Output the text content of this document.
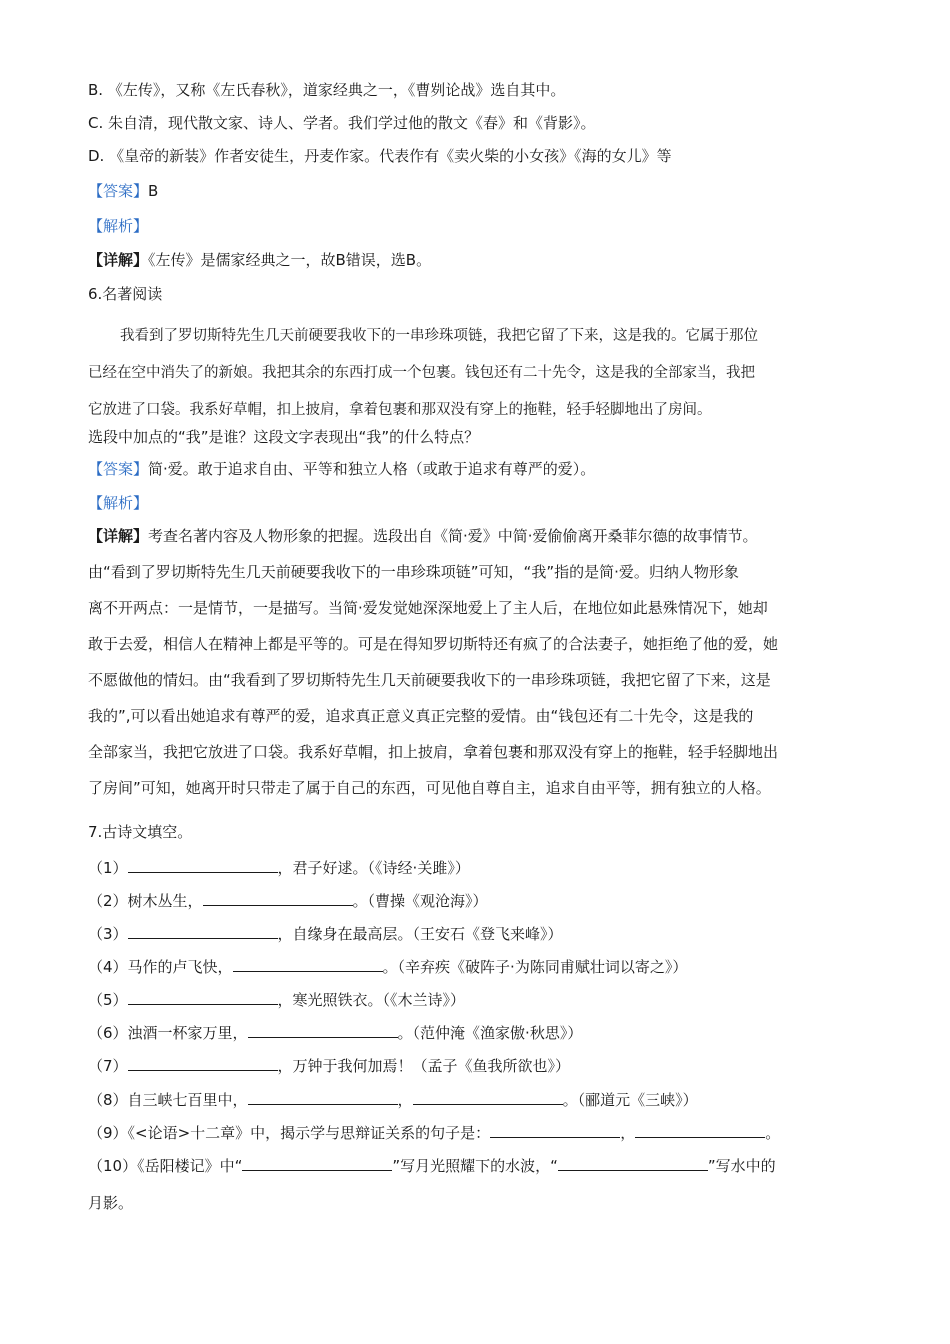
B. 《左传》，又称《左氏春秋》，道家经典之一，《曹刿论战》选自其中。
C. 朱自清，现代散文家、诗人、学者。我们学过他的散文《春》和《背影》。
D. 《皇帝的新装》作者安徒生，丹麦作家。代表作有《卖火柴的小女孩》《海的女儿》等
【答案】B
【解析】
【详解】《左传》是儒家经典之一，故B错误，选B。
6.名著阅读
我看到了罗切斯特先生几天前硬要我收下的一串珍珠项链，我把它留了下来，这是我的。它属于那位
已经在空中消失了的新娘。我把其余的东西打成一个包裹。钱包还有二十先令，这是我的全部家当，我把
它放进了口袋。我系好草帽，扣上披肩，拿着包裹和那双没有穿上的拖鞋，轻手轻脚地出了房间。
选段中加点的“我”是谁？这段文字表现出“我”的什么特点？
【答案】简·爱。敢于追求自由、平等和独立人格（或敢于追求有尊严的爱）。
【解析】
【详解】考查名著内容及人物形象的把握。选段出自《简·爱》中简·爱偷偷离开桑菲尔德的故事情节。
由“看到了罗切斯特先生几天前硬要我收下的一串珍珠项链”可知，“我”指的是简·爱。归纳人物形象
离不开两点：一是情节，一是描写。当简·爱发觉她深深地爱上了主人后，在地位如此悬殊情况下，她却
敢于去爱，相信人在精神上都是平等的。可是在得知罗切斯特还有疯了的合法妻子，她拒绝了他的爱，她
不愿做他的情妇。由“我看到了罗切斯特先生几天前硬要我收下的一串珍珠项链，我把它留了下来，这是
我的”,可以看出她追求有尊严的爱，追求真正意义真正完整的爱情。由“钱包还有二十先令，这是我的
全部家当，我把它放进了口袋。我系好草帽，扣上披肩，拿着包裹和那双没有穿上的拖鞋，轻手轻脚地出
了房间”可知，她离开时只带走了属于自己的东西，可见他自尊自主，追求自由平等，拥有独立的人格。
7.古诗文填空。
（1）	，君子好逑。（《诗经·关雎》）
（2）树木丛生，	。（曹操《观沧海》）
（3）	，自缘身在最高层。（王安石《登飞来峰》）
（4）马作的卢飞快，	。（辛弃疾《破阵子·为陈同甫赋壮词以寄之》）
（5）	，寒光照铁衣。（《木兰诗》）
（6）浊酒一杯家万里，	。（范仲淹《渔家傲·秋思》）
（7）	，万钟于我何加焉！（孟子《鱼我所欲也》）
（8）自三峡七百里中，	，	。（郦道元《三峡》）
（9）《<论语>十二章》中，揭示学与思辩证关系的句子是：	，	。
（10）《岳阳楼记》中“	”写月光照耀下的水波，“	”写水中的
月影。
